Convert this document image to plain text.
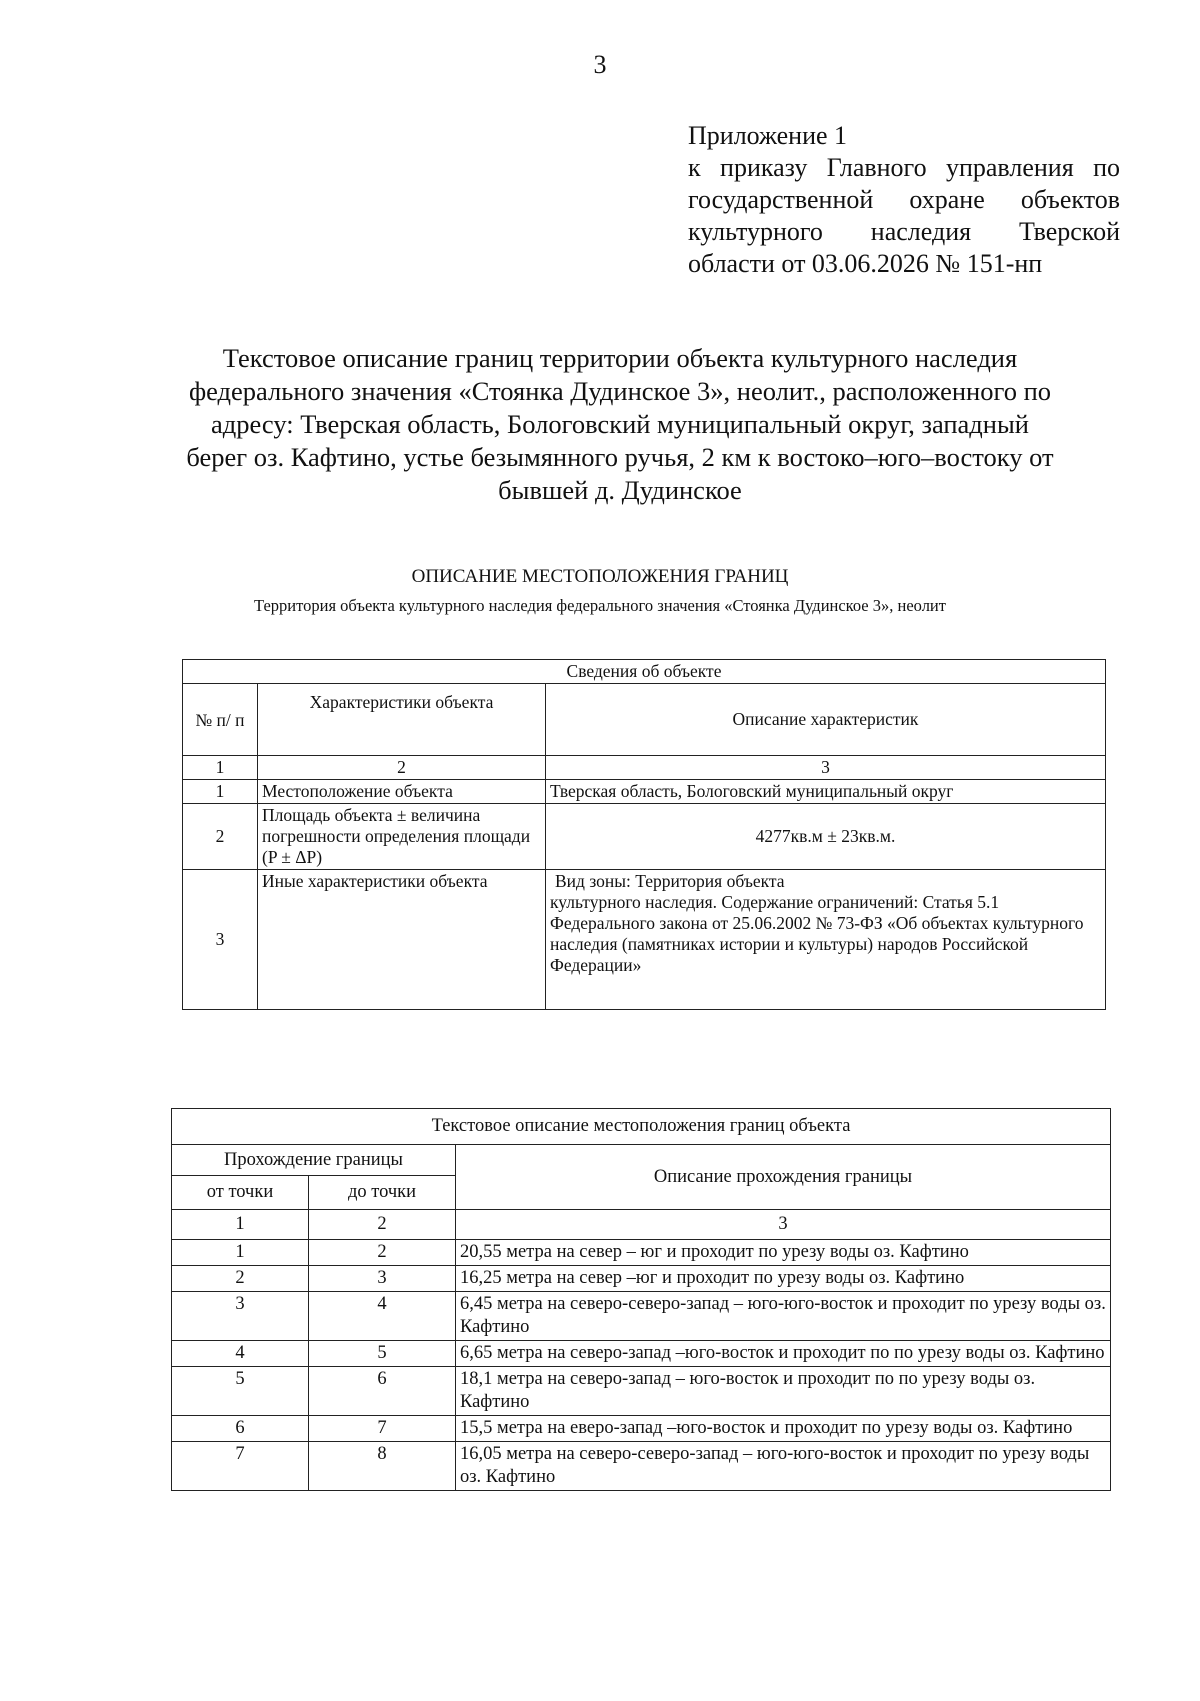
3
Приложение 1
к приказу Главного управления по
государственной охране объектов
культурного наследия Тверской
области от 03.06.2026 № 151-нп
Текстовое описание границ территории объекта культурного наследия
федерального значения «Стоянка Дудинское 3», неолит., расположенного по
адресу: Тверская область, Бологовский муниципальный округ, западный
берег оз. Кафтино, устье безымянного ручья, 2 км к востоко–юго–востоку от
бывшей д. Дудинское
ОПИСАНИЕ МЕСТОПОЛОЖЕНИЯ ГРАНИЦ
Территория объекта культурного наследия федерального значения «Стоянка Дудинское 3», неолит
Сведения об объекте		
№ п/ п	Характеристики объекта	Описание характеристик
1	2	3
1	Местоположение объекта	Тверская область, Бологовский муниципальный округ
2	Площадь объекта ± величина погрешности определения площади (P ± ΔP)	4277кв.м ± 23кв.м.
3	Иные характеристики объекта	Вид зоны: Территория объекта
культурного наследия. Содержание ограничений: Статья 5.1 Федерального закона от 25.06.2002 № 73-ФЗ «Об объектах культурного наследия (памятниках истории и культуры) народов Российской Федерации»
Текстовое описание местоположения границ объекта		
Прохождение границы		Описание прохождения границы
от точки	до точки	
1	2	3
1	2	20,55 метра на север – юг и проходит по урезу воды оз. Кафтино
2	3	16,25 метра на север –юг и проходит по урезу воды оз. Кафтино
3	4	6,45 метра на северо-северо-запад – юго-юго-восток и проходит по урезу воды оз. Кафтино
4	5	6,65 метра на северо-запад –юго-восток и проходит по по урезу воды оз. Кафтино
5	6	18,1 метра на северо-запад – юго-восток и проходит по по урезу воды оз. Кафтино
6	7	15,5 метра на еверо-запад –юго-восток и проходит по урезу воды оз. Кафтино
7	8	16,05 метра на северо-северо-запад – юго-юго-восток и проходит по урезу воды оз. Кафтино
